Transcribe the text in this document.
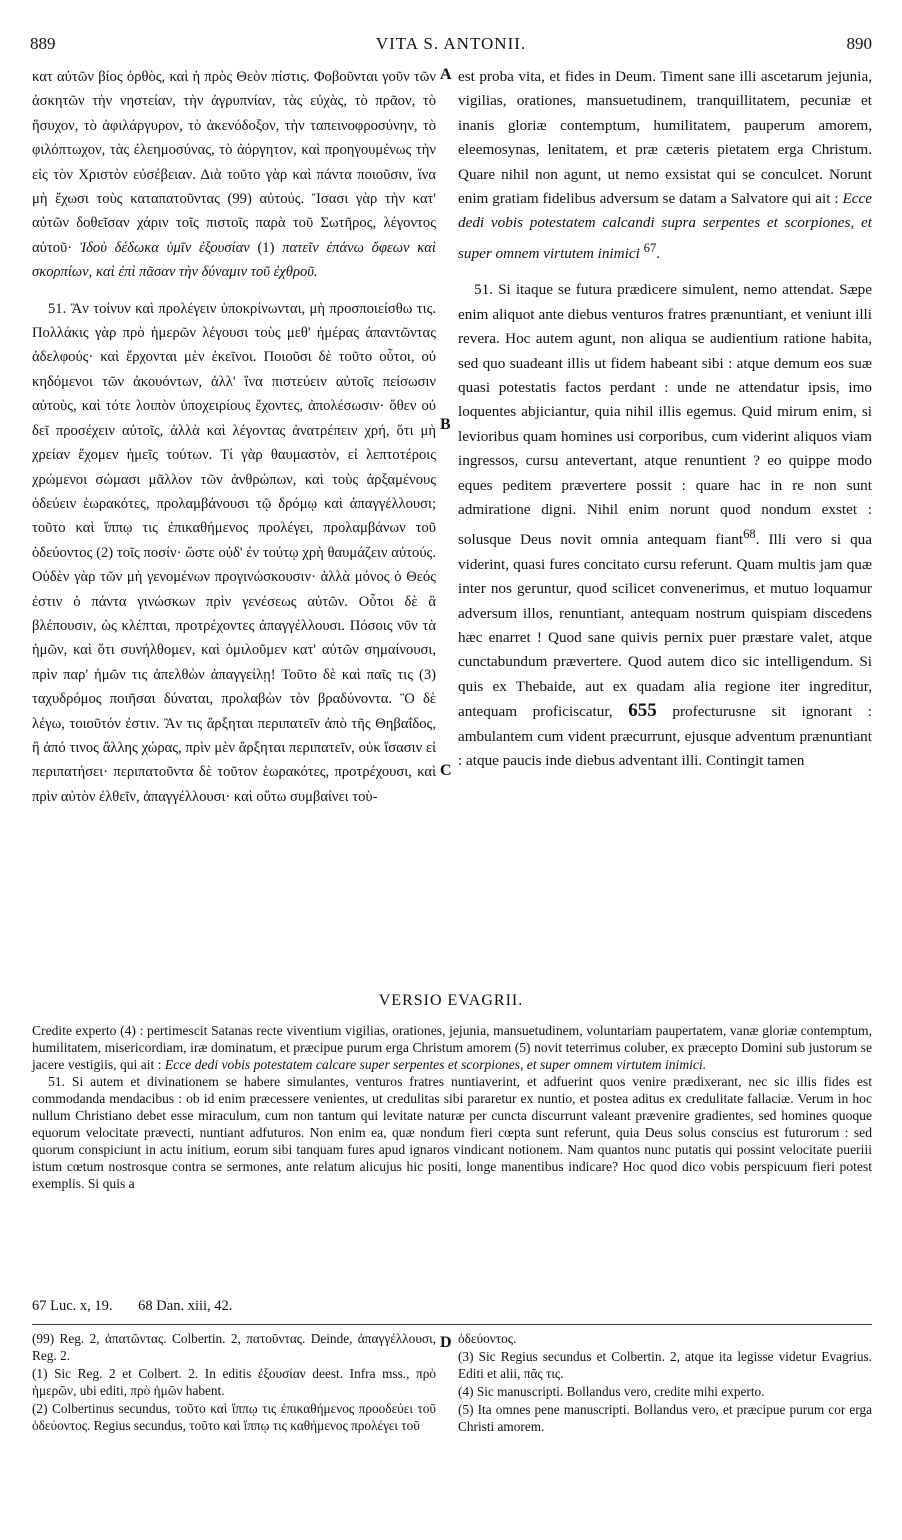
889	VITA S. ANTONII.	890

κατ αὐτῶν βίος ὀρθὸς, καὶ ἡ πρὸς Θεὸν πίστις. Φοβοῦνται γοῦν τῶν ἀσκητῶν τὴν νηστείαν, τὴν ἀγρυπνίαν, τὰς εὐχὰς, τὸ πρᾶον, τὸ ἥσυχον, τὸ ἀφιλάργυρον, τὸ ἀκενόδοξον, τὴν ταπεινοφροσύνην, τὸ φιλόπτωχον, τὰς ἐλεημοσύνας, τὸ ἀόργητον, καὶ προηγουμένως τὴν εἰς τὸν Χριστὸν εὐσέβειαν. Διὰ τοῦτο γὰρ καὶ πάντα ποιοῦσιν, ἵνα μὴ ἔχωσι τοὺς καταπατοῦντας (99) αὐτούς. Ἴσασι γὰρ τὴν κατ' αὐτῶν δοθεῖσαν χάριν τοῖς πιστοῖς παρὰ τοῦ Σωτῆρος, λέγοντος αὐτοῦ· Ἰδοὺ δέδωκα ὑμῖν ἐξουσίαν (1) πατεῖν ἐπάνω ὄφεων καὶ σκορπίων, καὶ ἐπὶ πᾶσαν τὴν δύναμιν τοῦ ἐχθροῦ.

51. Ἂν τοίνυν καὶ προλέγειν ὑποκρίνωνται, μὴ προσποιείσθω τις. Πολλάκις γὰρ πρὸ ἡμερῶν λέγουσι τοὺς μεθ' ἡμέρας ἀπαντῶντας ἀδελφούς· καὶ ἔρχονται μὲν ἐκεῖνοι. Ποιοῦσι δὲ τοῦτο οὗτοι, οὐ κηδόμενοι τῶν ἀκουόντων, ἀλλ' ἵνα πιστεύειν αὐτοῖς πείσωσιν αὐτοὺς, καὶ τότε λοιπὸν ὑποχειρίους ἔχοντες, ἀπολέσωσιν· ὅθεν οὐ δεῖ προσέχειν αὐτοῖς, ἀλλὰ καὶ λέγοντας ἀνατρέπειν χρή, ὅτι μὴ χρείαν ἔχομεν ἡμεῖς τούτων. Τί γὰρ θαυμαστὸν, εἰ λεπτοτέροις χρώμενοι σώμασι μᾶλλον τῶν ἀνθρώπων, καὶ τοὺς ἀρξαμένους ὁδεύειν ἑωρακότες, προλαμβάνουσι τῷ δρόμῳ καὶ ἀπαγγέλλουσι; τοῦτο καὶ ἵππῳ τις ἐπικαθήμενος προλέγει, προλαμβάνων τοῦ ὁδεύοντος (2) τοῖς ποσίν· ὥστε οὐδ' ἐν τούτῳ χρὴ θαυμάζειν αὐτούς. Οὐδὲν γὰρ τῶν μὴ γενομένων προγινώσκουσιν· ἀλλὰ μόνος ὁ Θεός ἐστιν ὁ πάντα γινώσκων πρὶν γενέσεως αὐτῶν. Οὗτοι δὲ ἃ βλέπουσιν, ὡς κλέπται, προτρέχοντες ἀπαγγέλλουσι. Πόσοις νῦν τὰ ἡμῶν, καὶ ὅτι συνήλθομεν, καὶ ὁμιλοῦμεν κατ' αὐτῶν σημαίνουσι, πρὶν παρ' ἡμῶν τις ἀπελθὼν ἀπαγγείλῃ! Τοῦτο δὲ καὶ παῖς τις (3) ταχυδρόμος ποιῆσαι δύναται, προλαβὼν τὸν βραδύνοντα. Ὃ δὲ λέγω, τοιοῦτόν ἐστιν. Ἂν τις ἄρξηται περιπατεῖν ἀπὸ τῆς Θηβαΐδος, ἢ ἀπό τινος ἄλλης χώρας, πρὶν μὲν ἄρξηται περιπατεῖν, οὐκ ἴσασιν εἰ περιπατήσει· περιπατοῦντα δὲ τοῦτον ἑωρακότες, προτρέχουσι, καὶ πρὶν αὐτὸν ἐλθεῖν, ἀπαγγέλλουσι· καὶ οὕτω συμβαίνει τοὺ-

A
B
C
D

est proba vita, et fides in Deum. Timent sane illi ascetarum jejunia, vigilias, orationes, mansuetudinem, tranquillitatem, pecuniæ et inanis gloriæ contemptum, humilitatem, pauperum amorem, eleemosynas, lenitatem, et præ cæteris pietatem erga Christum. Quare nihil non agunt, ut nemo exsistat qui se conculcet. Norunt enim gratiam fidelibus adversum se datam a Salvatore qui ait : Ecce dedi vobis potestatem calcandi supra serpentes et scorpiones, et super omnem virtutem inimici $^{67}$.

51. Si itaque se futura prædicere simulent, nemo attendat. Sæpe enim aliquot ante diebus venturos fratres prænuntiant, et veniunt illi revera. Hoc autem agunt, non aliqua se audientium ratione habita, sed quo suadeant illis ut fidem habeant sibi : atque demum eos suæ quasi potestatis factos perdant : unde ne attendatur ipsis, imo loquentes abjiciantur, quia nihil illis egemus. Quid mirum enim, si levioribus quam homines usi corporibus, cum viderint aliquos viam ingressos, cursu antevertant, atque renuntient ? eo quippe modo eques peditem prævertere possit : quare hac in re non sunt admiratione digni. Nihil enim norunt quod nondum exstet : solusque Deus novit omnia antequam fiant$^{68}$. Illi vero si qua viderint, quasi fures concitato cursu referunt. Quam multis jam quæ inter nos geruntur, quod scilicet convenerimus, et mutuo loquamur adversum illos, renuntiant, antequam nostrum quispiam discedens hæc enarret ! Quod sane quivis pernix puer præstare valet, atque cunctabundum prævertere. Quod autem dico sic intelligendum. Si quis ex Thebaide, aut ex quadam alia regione iter ingreditur, antequam proficiscatur, 655 profecturusne sit ignorant : ambulantem cum vident præcurrunt, ejusque adventum prænuntiant : atque paucis inde diebus adventant illi. Contingit tamen

VERSIO EVAGRII.

Credite experto (4) : pertimescit Satanas recte viventium vigilias, orationes, jejunia, mansuetudinem, voluntariam paupertatem, vanæ gloriæ contemptum, humilitatem, misericordiam, iræ dominatum, et præcipue purum erga Christum amorem (5) novit teterrimus coluber, ex præcepto Domini sub justorum se jacere vestigiis, qui ait : Ecce dedi vobis potestatem calcare super serpentes et scorpiones, et super omnem virtutem inimici.

51. Si autem et divinationem se habere simulantes, venturos fratres nuntiaverint, et adfuerint quos venire prædixerant, nec sic illis fides est commodanda mendacibus : ob id enim præcessere venientes, ut credulitas sibi pararetur ex nuntio, et postea aditus ex credulitate fallaciæ. Verum in hoc nullum Christiano debet esse miraculum, cum non tantum qui levitate naturæ per cuncta discurrunt valeant prævenire gradientes, sed homines quoque equorum velocitate prævecti, nuntiant adfuturos. Non enim ea, quæ nondum fieri cœpta sunt referunt, quia Deus solus conscius est futurorum : sed quorum conspiciunt in actu initium, eorum sibi tanquam fures apud ignaros vindicant notionem. Nam quantos nunc putatis qui possint velocitate pueriii istum cœtum nostrosque contra se sermones, ante relatum alicujus hic positi, longe manentibus indicare? Hoc quod dico vobis perspicuum fieri potest exemplis. Si quis a

67 Luc. x, 19. 68 Dan. xiii, 42.

(99) Reg. 2, ἀπατῶντας. Colbertin. 2, πατοῦντας. Deinde, ἀπαγγέλλουσι, Reg. 2.

(1) Sic Reg. 2 et Colbert. 2. In editis ἐξουσίαν deest. Infra mss., πρὸ ἡμερῶν, ubi editi, πρὸ ἡμῶν habent.

(2) Colbertinus secundus, τοῦτο καὶ ἵππῳ τις ἐπικαθήμενος προοδεύει τοῦ ὁδεύοντος. Regius secundus, τοῦτο καὶ ἵππῳ τις καθήμενος προλέγει τοῦ

ὁδεύοντος.

(3) Sic Regius secundus et Colbertin. 2, atque ita legisse videtur Evagrius. Editi et alii, πᾶς τις.

(4) Sic manuscripti. Bollandus vero, credite mihi experto.

(5) Ita omnes pene manuscripti. Bollandus vero, et præcipue purum cor erga Christi amorem.
